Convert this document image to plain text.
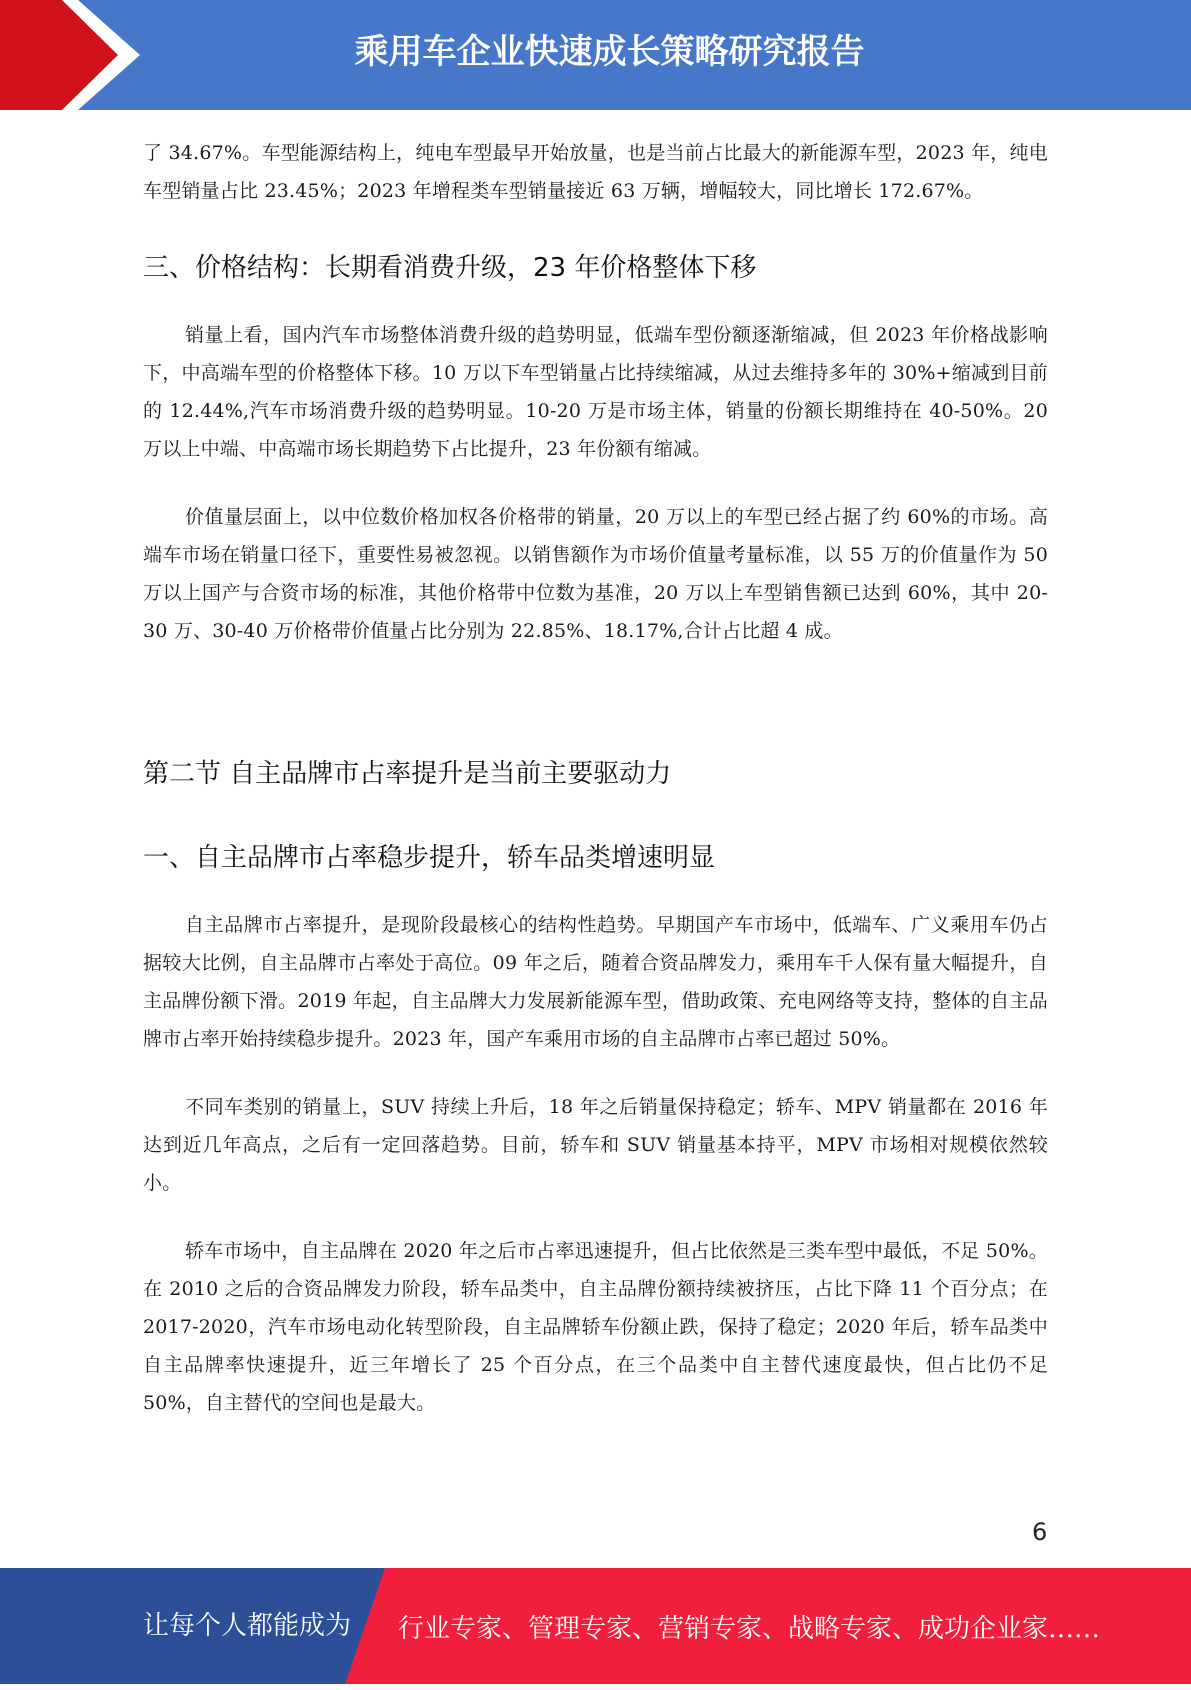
乘用车企业快速成长策略研究报告

了 34.67%。车型能源结构上，纯电车型最早开始放量，也是当前占比最大的新能源车型，2023 年，纯电车型销量占比 23.45%；2023 年增程类车型销量接近 63 万辆，增幅较大，同比增长 172.67%。

三、价格结构：长期看消费升级，23 年价格整体下移

销量上看，国内汽车市场整体消费升级的趋势明显，低端车型份额逐渐缩减，但 2023 年价格战影响下，中高端车型的价格整体下移。10 万以下车型销量占比持续缩减，从过去维持多年的 30%+缩减到目前的 12.44%,汽车市场消费升级的趋势明显。10-20 万是市场主体，销量的份额长期维持在 40-50%。20 万以上中端、中高端市场长期趋势下占比提升，23 年份额有缩减。

价值量层面上，以中位数价格加权各价格带的销量，20 万以上的车型已经占据了约 60%的市场。高端车市场在销量口径下，重要性易被忽视。以销售额作为市场价值量考量标准，以 55 万的价值量作为 50 万以上国产与合资市场的标准，其他价格带中位数为基准，20 万以上车型销售额已达到 60%，其中 20-30 万、30-40 万价格带价值量占比分别为 22.85%、18.17%,合计占比超 4 成。

第二节 自主品牌市占率提升是当前主要驱动力
一、自主品牌市占率稳步提升，轿车品类增速明显

自主品牌市占率提升，是现阶段最核心的结构性趋势。早期国产车市场中，低端车、广义乘用车仍占据较大比例，自主品牌市占率处于高位。09 年之后，随着合资品牌发力，乘用车千人保有量大幅提升，自主品牌份额下滑。2019 年起，自主品牌大力发展新能源车型，借助政策、充电网络等支持，整体的自主品牌市占率开始持续稳步提升。2023 年，国产车乘用市场的自主品牌市占率已超过 50%。

不同车类别的销量上，SUV 持续上升后，18 年之后销量保持稳定；轿车、MPV 销量都在 2016 年达到近几年高点，之后有一定回落趋势。目前，轿车和 SUV 销量基本持平，MPV 市场相对规模依然较小。

轿车市场中，自主品牌在 2020 年之后市占率迅速提升，但占比依然是三类车型中最低，不足 50%。在 2010 之后的合资品牌发力阶段，轿车品类中，自主品牌份额持续被挤压，占比下降 11 个百分点；在 2017-2020，汽车市场电动化转型阶段，自主品牌轿车份额止跌，保持了稳定；2020 年后，轿车品类中自主品牌率快速提升，近三年增长了 25 个百分点，在三个品类中自主替代速度最快，但占比仍不足 50%，自主替代的空间也是最大。

6
让每个人都能成为 行业专家、管理专家、营销专家、战略专家、成功企业家……
